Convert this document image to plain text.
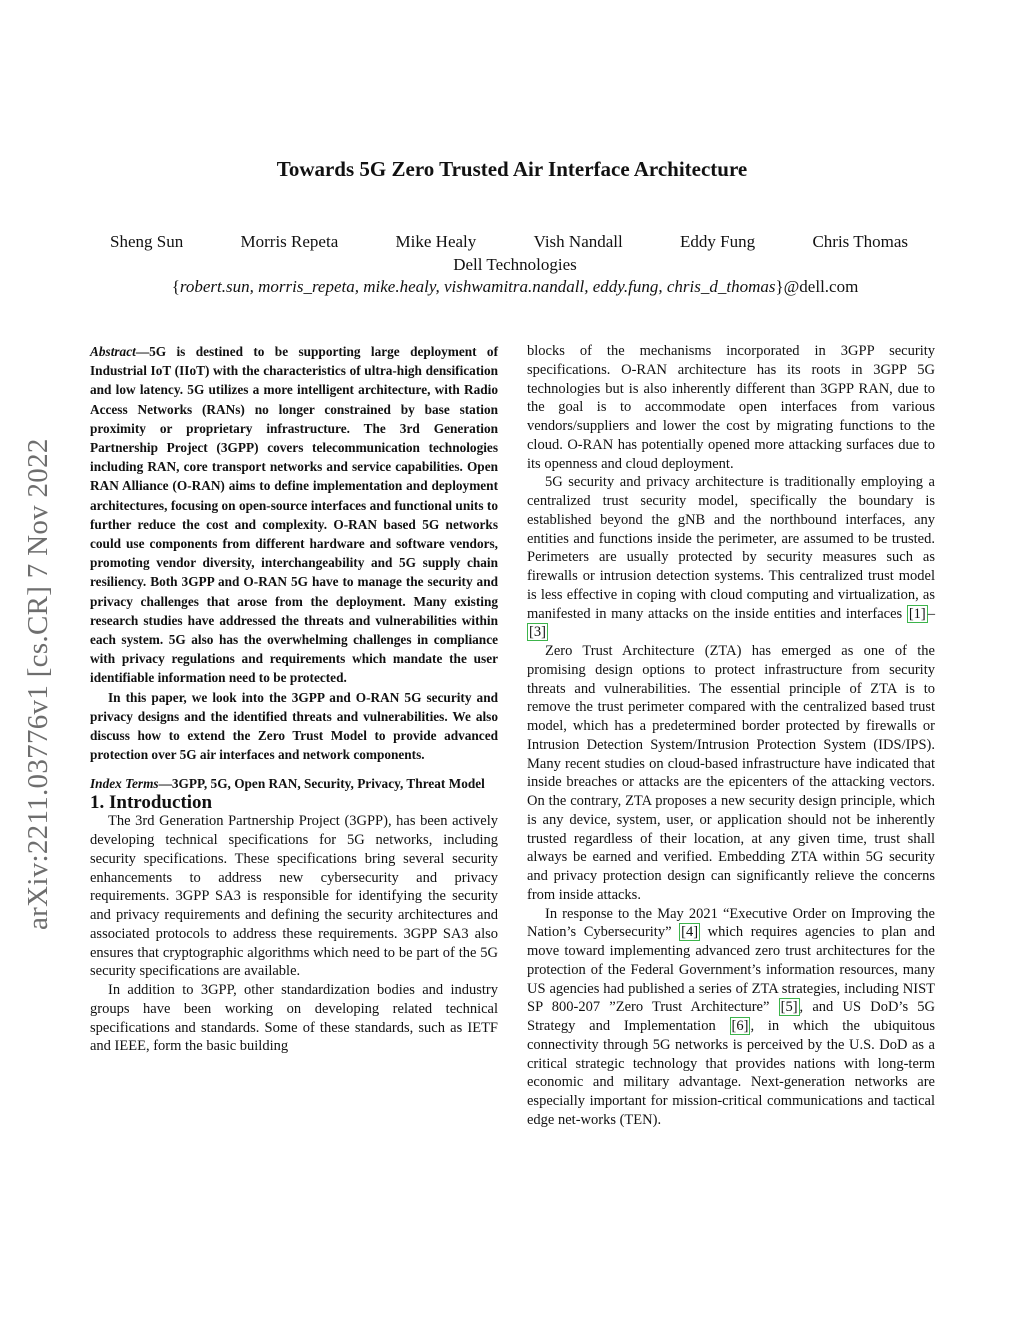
arXiv:2211.03776v1 [cs.CR] 7 Nov 2022
Towards 5G Zero Trusted Air Interface Architecture
Sheng Sun	Morris Repeta	Mike Healy	Vish Nandall	Eddy Fung	Chris Thomas
Dell Technologies
{robert.sun, morris_repeta, mike.healy, vishwamitra.nandall, eddy.fung, chris_d_thomas}@dell.com

Abstract—5G is destined to be supporting large deployment of Industrial IoT (IIoT) with the characteristics of ultra-high densification and low latency. 5G utilizes a more intelligent architecture, with Radio Access Networks (RANs) no longer constrained by base station proximity or proprietary infrastructure. The 3rd Generation Partnership Project (3GPP) covers telecommunication technologies including RAN, core transport networks and service capabilities. Open RAN Alliance (O-RAN) aims to define implementation and deployment architectures, focusing on open-source interfaces and functional units to further reduce the cost and complexity. O-RAN based 5G networks could use components from different hardware and software vendors, promoting vendor diversity, interchangeability and 5G supply chain resiliency. Both 3GPP and O-RAN 5G have to manage the security and privacy challenges that arose from the deployment. Many existing research studies have addressed the threats and vulnerabilities within each system. 5G also has the overwhelming challenges in compliance with privacy regulations and requirements which mandate the user identifiable information need to be protected.

In this paper, we look into the 3GPP and O-RAN 5G security and privacy designs and the identified threats and vulnerabilities. We also discuss how to extend the Zero Trust Model to provide advanced protection over 5G air interfaces and network components.

Index Terms—3GPP, 5G, Open RAN, Security, Privacy, Threat Model

1. Introduction

The 3rd Generation Partnership Project (3GPP), has been actively developing technical specifications for 5G networks, including security specifications. These specifications bring several security enhancements to address new cybersecurity and privacy requirements. 3GPP SA3 is responsible for identifying the security and privacy requirements and defining the security architectures and associated protocols to address these requirements. 3GPP SA3 also ensures that cryptographic algorithms which need to be part of the 5G security specifications are available.

In addition to 3GPP, other standardization bodies and industry groups have been working on developing related technical specifications and standards. Some of these standards, such as IETF and IEEE, form the basic building

blocks of the mechanisms incorporated in 3GPP security specifications. O-RAN architecture has its roots in 3GPP 5G technologies but is also inherently different than 3GPP RAN, due to the goal is to accommodate open interfaces from various vendors/suppliers and lower the cost by migrating functions to the cloud. O-RAN has potentially opened more attacking surfaces due to its openness and cloud deployment.

5G security and privacy architecture is traditionally employing a centralized trust security model, specifically the boundary is established beyond the gNB and the northbound interfaces, any entities and functions inside the perimeter, are assumed to be trusted. Perimeters are usually protected by security measures such as firewalls or intrusion detection systems. This centralized trust model is less effective in coping with cloud computing and virtualization, as manifested in many attacks on the inside entities and interfaces [1] –[3]

Zero Trust Architecture (ZTA) has emerged as one of the promising design options to protect infrastructure from security threats and vulnerabilities. The essential principle of ZTA is to remove the trust perimeter compared with the centralized based trust model, which has a predetermined border protected by firewalls or Intrusion Detection System/Intrusion Protection System (IDS/IPS). Many recent studies on cloud-based infrastructure have indicated that inside breaches or attacks are the epicenters of the attacking vectors. On the contrary, ZTA proposes a new security design principle, which is any device, system, user, or application should not be inherently trusted regardless of their location, at any given time, trust shall always be earned and verified. Embedding ZTA within 5G security and privacy protection design can significantly relieve the concerns from inside attacks.

In response to the May 2021 “Executive Order on Improving the Nation’s Cybersecurity” [4] which requires agencies to plan and move toward implementing advanced zero trust architectures for the protection of the Federal Government’s information resources, many US agencies had published a series of ZTA strategies, including NIST SP 800-207 ”Zero Trust Architecture” [5] , and US DoD’s 5G Strategy and Implementation [6] , in which the ubiquitous connectivity through 5G networks is perceived by the U.S. DoD as a critical strategic technology that provides nations with long-term economic and military advantage. Next-generation networks are especially important for mission-critical communications and tactical edge net-works (TEN).
